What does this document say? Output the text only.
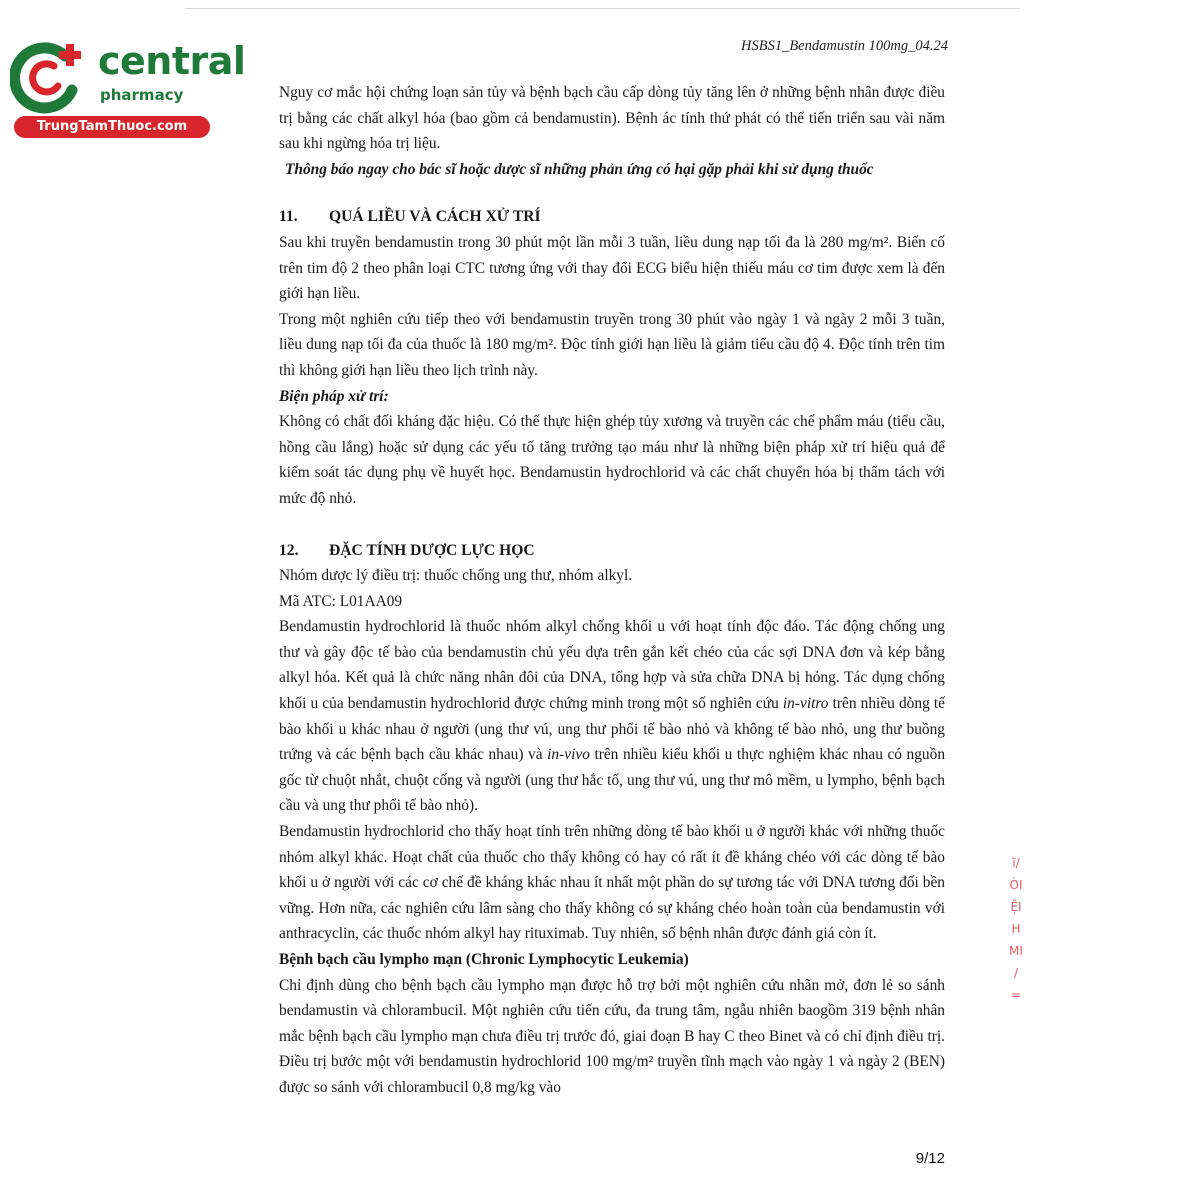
central
pharmacy
TrungTamThuoc.com
HSBS1_Bendamustin 100mg_04.24

Nguy cơ mắc hội chứng loạn sản tủy và bệnh bạch cầu cấp dòng tủy tăng lên ở những bệnh nhân được điều trị bằng các chất alkyl hóa (bao gồm cả bendamustin). Bệnh ác tính thứ phát có thể tiến triển sau vài năm sau khi ngừng hóa trị liệu.

Thông báo ngay cho bác sĩ hoặc dược sĩ những phản ứng có hại gặp phải khi sử dụng thuốc

11.	QUÁ LIỀU VÀ CÁCH XỬ TRÍ

Sau khi truyền bendamustin trong 30 phút một lần mỗi 3 tuần, liều dung nạp tối đa là 280 mg/m². Biến cố trên tim độ 2 theo phân loại CTC tương ứng với thay đổi ECG biểu hiện thiếu máu cơ tim được xem là đến giới hạn liều.

Trong một nghiên cứu tiếp theo với bendamustin truyền trong 30 phút vào ngày 1 và ngày 2 mỗi 3 tuần, liều dung nạp tối đa của thuốc là 180 mg/m². Độc tính giới hạn liều là giảm tiểu cầu độ 4. Độc tính trên tim thì không giới hạn liều theo lịch trình này.

Biện pháp xử trí:

Không có chất đối kháng đặc hiệu. Có thể thực hiện ghép tủy xương và truyền các chế phẩm máu (tiểu cầu, hồng cầu lắng) hoặc sử dụng các yếu tố tăng trưởng tạo máu như là những biện pháp xử trí hiệu quả để kiểm soát tác dụng phụ về huyết học. Bendamustin hydrochlorid và các chất chuyển hóa bị thẩm tách với mức độ nhỏ.

12.	ĐẶC TÍNH DƯỢC LỰC HỌC

Nhóm dược lý điều trị: thuốc chống ung thư, nhóm alkyl.

Mã ATC: L01AA09

Bendamustin hydrochlorid là thuốc nhóm alkyl chống khối u với hoạt tính độc đáo. Tác động chống ung thư và gây độc tế bào của bendamustin chủ yếu dựa trên gắn kết chéo của các sợi DNA đơn và kép bằng alkyl hóa. Kết quả là chức năng nhân đôi của DNA, tổng hợp và sửa chữa DNA bị hỏng. Tác dụng chống khối u của bendamustin hydrochlorid được chứng minh trong một số nghiên cứu in-vitro trên nhiều dòng tế bào khối u khác nhau ở người (ung thư vú, ung thư phổi tế bào nhỏ và không tế bào nhỏ, ung thư buồng trứng và các bệnh bạch cầu khác nhau) và in-vivo trên nhiều kiểu khối u thực nghiệm khác nhau có nguồn gốc từ chuột nhắt, chuột cống và người (ung thư hắc tố, ung thư vú, ung thư mô mềm, u lympho, bệnh bạch cầu và ung thư phổi tế bào nhỏ).

Bendamustin hydrochlorid cho thấy hoạt tính trên những dòng tế bào khối u ở người khác với những thuốc nhóm alkyl khác. Hoạt chất của thuốc cho thấy không có hay có rất ít đề kháng chéo với các dòng tế bào khối u ở người với các cơ chế đề kháng khác nhau ít nhất một phần do sự tương tác với DNA tương đối bền vững. Hơn nữa, các nghiên cứu lâm sàng cho thấy không có sự kháng chéo hoàn toàn của bendamustin với anthracyclin, các thuốc nhóm alkyl hay rituximab. Tuy nhiên, số bệnh nhân được đánh giá còn ít.

Bệnh bạch cầu lympho mạn (Chronic Lymphocytic Leukemia)

Chỉ định dùng cho bệnh bạch cầu lympho mạn được hỗ trợ bởi một nghiên cứu nhãn mở, đơn lẻ so sánh bendamustin và chlorambucil. Một nghiên cứu tiến cứu, đa trung tâm, ngẫu nhiên baogồm 319 bệnh nhân mắc bệnh bạch cầu lympho mạn chưa điều trị trước đó, giai đoạn B hay C theo Binet và có chỉ định điều trị. Điều trị bước một với bendamustin hydrochlorid 100 mg/m² truyền tĩnh mạch vào ngày 1 và ngày 2 (BEN) được so sánh với chlorambucil 0,8 mg/kg vào

ĩ/
ÒI
ỆI
H
MI
/
=
9/12
